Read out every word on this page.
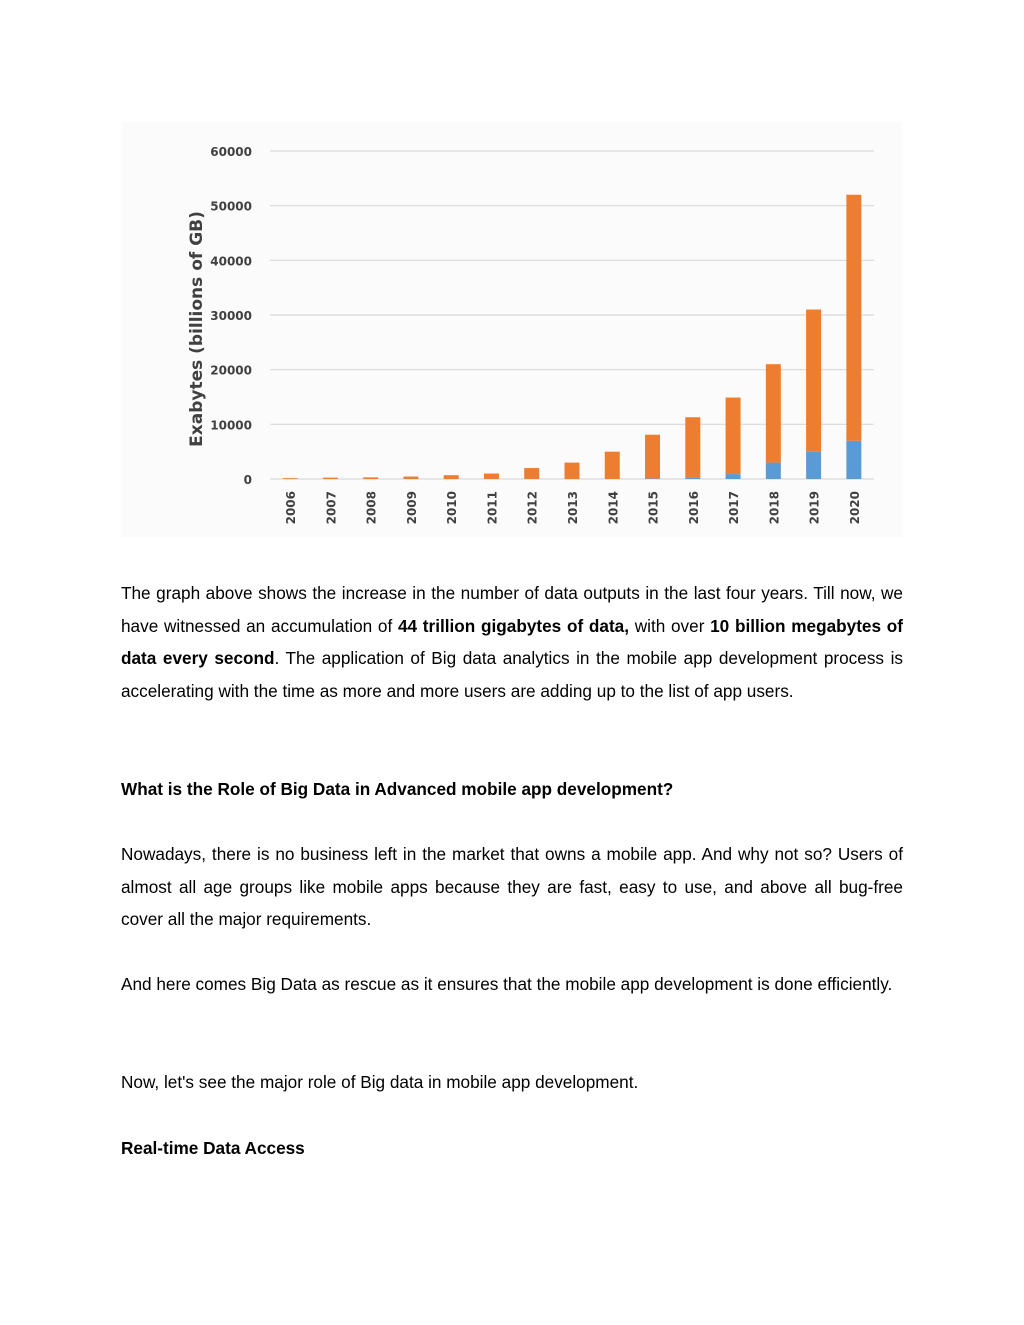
0
10000
20000
30000
40000
50000
60000
2006 2007 2008 2009 2010 2011 2012 2013 2014 2015 2016 2017 2018 2019 2020
Exabytes (billions of GB)

The graph above shows the increase in the number of data outputs in the last four years. Till now, we have witnessed an accumulation of 44 trillion gigabytes of data, with over 10 billion megabytes of data every second. The application of Big data analytics in the mobile app development process is accelerating with the time as more and more users are adding up to the list of app users.

What is the Role of Big Data in Advanced mobile app development?

Nowadays, there is no business left in the market that owns a mobile app. And why not so? Users of almost all age groups like mobile apps because they are fast, easy to use, and above all bug-free cover all the major requirements.

And here comes Big Data as rescue as it ensures that the mobile app development is done efficiently.

Now, let's see the major role of Big data in mobile app development.

Real-time Data Access
